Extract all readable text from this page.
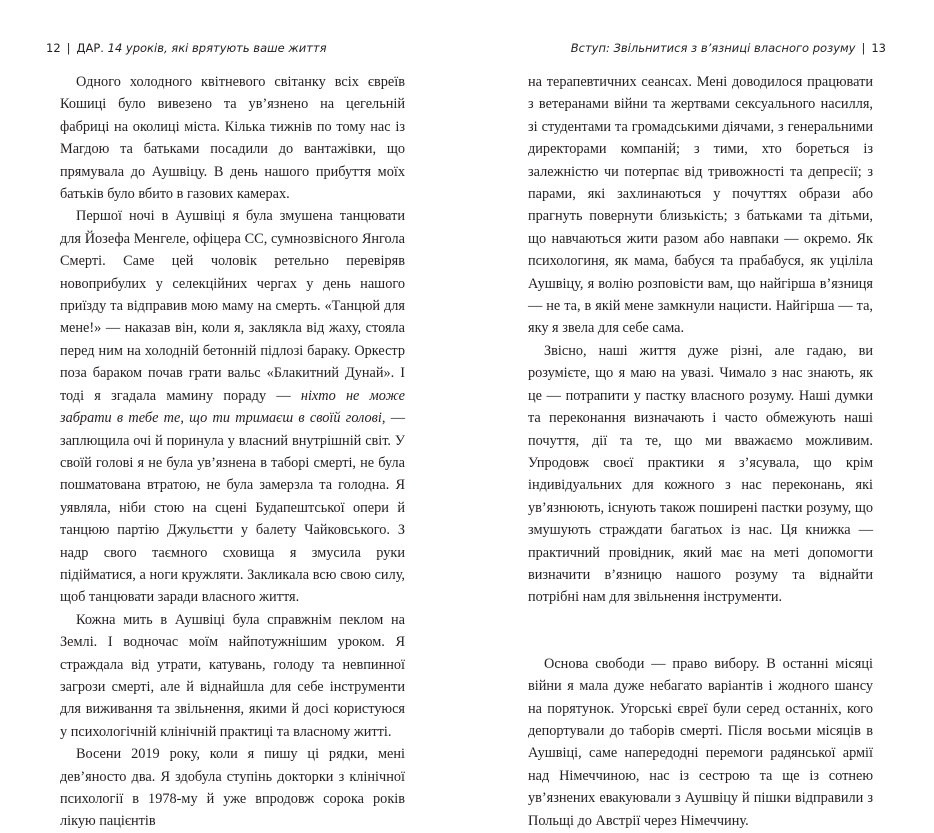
12 | ДАР. 14 уроків, які врятують ваше життя

Одного холодного квітневого світанку всіх євреїв Кошиці було вивезено та ув’язнено на цегельній фабриці на околиці міста. Кількa тижнів по тому нас із Магдою та батьками посадили до вантажівки, що прямувала до Аушвіцу. В день нашого прибуття моїх батьків було вбито в газових камерах.

Першої ночі в Аушвіці я була змушена танцювати для Йозефа Менгеле, офіцера СС, сумнозвісного Янгола Смерті. Саме цей чоловік ретельно перевіряв новоприбулих у селекційних чергах у день нашого приїзду та відправив мою маму на смерть. «Танцюй для мене!» — наказав він, коли я, заклякла від жаху, стояла перед ним на холодній бетонній підлозі бараку. Оркестр поза бараком почав грати вальс «Блакитний Дунай». І тоді я згадала мамину пораду — ніхто не може забрати в тебе те, що ти тримаєш в своїй голові, — заплющила очі й поринула у власний внутрішній світ. У своїй голові я не була ув’язнена в таборі смерті, не була пошматована втратою, не була замерзла та голодна. Я уявляла, ніби стою на сцені Будапештської опери й танцюю партію Джульєтти у балету Чайковського. З надр свого таємного сховища я змусила руки підійматися, а ноги кружляти. Закликала всю свою силу, щоб танцювати заради власного життя.

Кожна мить в Аушвіці була справжнім пеклом на Землі. І водночас моїм найпотужнішим уроком. Я страждала від утрати, катувань, голоду та невпинної загрози смерті, але й віднайшла для себе інструменти для виживання та звільнення, якими й досі користуюся у психологічній клінічній практиці та власному житті.

Восени 2019 року, коли я пишу ці рядки, мені дев’яносто два. Я здобула ступінь докторки з клінічної психології в 1978-му й уже впродовж сорока років лікую пацієнтів

Вступ: Звільнитися з в’язниці власного розуму | 13

на терапевтичних сеансах. Мені доводилося працювати з ветеранами війни та жертвами сексуального насилля, зі студентами та громадськими діячами, з генеральними директорами компаній; з тими, хто бореться із залежністю чи потерпає від тривожності та депресії; з парами, які захлинаються у почуттях образи або прагнуть повернути близькість; з батьками та дітьми, що навчаються жити разом або навпаки — окремо. Як психологиня, як мама, бабуся та прабабуся, як уціліла Аушвіцу, я волію розповісти вам, що найгірша в’язниця — не та, в якій мене замкнули нацисти. Найгірша — та, яку я звела для себе сама.

Звісно, наші життя дуже різні, але гадаю, ви розумієте, що я маю на увазі. Чимало з нас знають, як це — потрапити у пастку власного розуму. Наші думки та переконання визначають і часто обмежують наші почуття, дії та те, що ми вважаємо можливим. Упродовж своєї практики я з’ясувала, що крім індивідуальних для кожного з нас переконань, які ув’язнюють, існують також поширені пастки розуму, що змушують страждати багатьох із нас. Ця книжка — практичний провідник, який має на меті допомогти визначити в’язницю нашого розуму та віднайти потрібні нам для звільнення інструменти.

Основа свободи — право вибору. В останні місяці війни я мала дуже небагато варіантів і жодного шансу на порятунок. Угорські євреї були серед останніх, кого депортували до таборів смерті. Після восьми місяців в Аушвіці, саме напередодні перемоги радянської армії над Німеччиною, нас із сестрою та ще із сотнею ув’язнених евакуювали з Аушвіцу й пішки відправили з Польщі до Австрії через Німеччину.
